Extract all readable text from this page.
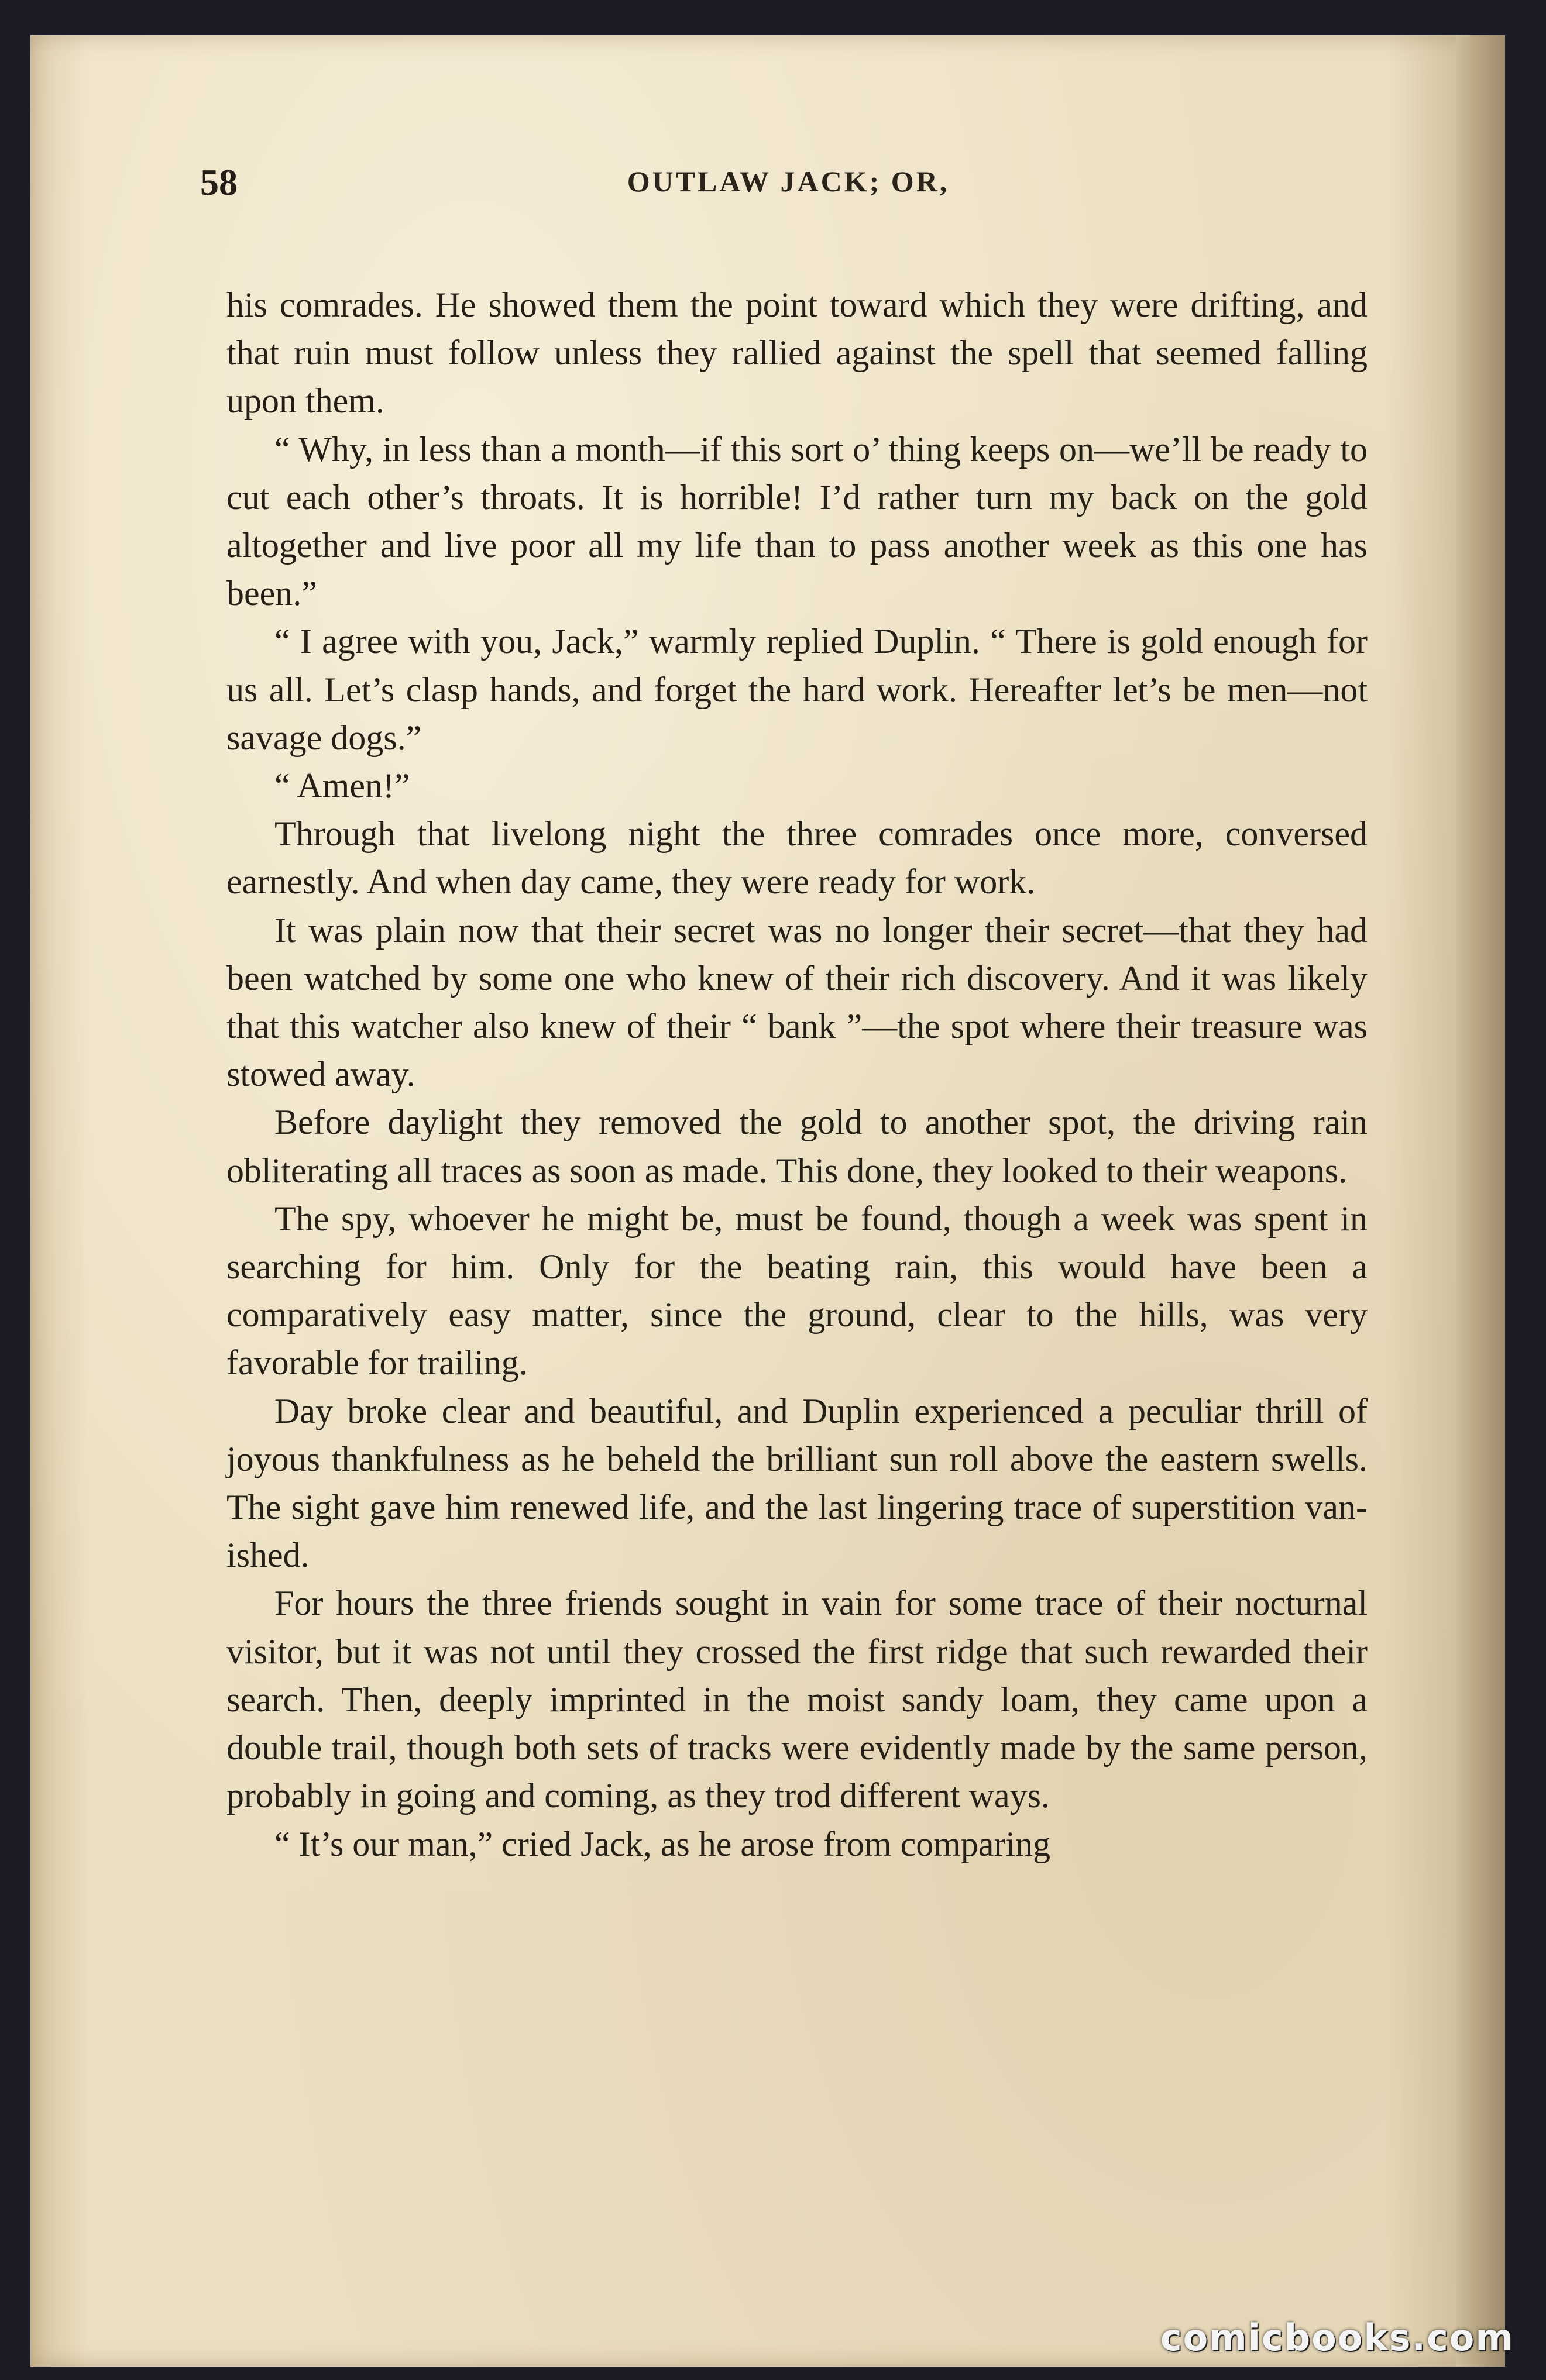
58	OUTLAW JACK; OR,

his comrades. He showed them the point toward which they were drifting, and that ruin must follow unless they rallied against the spell that seemed falling upon them.

“ Why, in less than a month—if this sort o’ thing keeps on—we’ll be ready to cut each other’s throats. It is horrible! I’d rather turn my back on the gold altogether and live poor all my life than to pass another week as this one has been.”

“ I agree with you, Jack,” warmly replied Duplin. “ There is gold enough for us all. Let’s clasp hands, and forget the hard work. Hereafter let’s be men—not savage dogs.”

“ Amen!”

Through that livelong night the three comrades once more, conversed earnestly. And when day came, they were ready for work.

It was plain now that their secret was no longer their secret—that they had been watched by some one who knew of their rich discovery. And it was likely that this watcher also knew of their “ bank ”—the spot where their treasure was stowed away.

Before daylight they removed the gold to another spot, the driving rain obliterating all traces as soon as made. This done, they looked to their weapons.

The spy, whoever he might be, must be found, though a week was spent in searching for him. Only for the beating rain, this would have been a comparatively easy matter, since the ground, clear to the hills, was very favorable for trailing.

Day broke clear and beautiful, and Duplin experienced a peculiar thrill of joyous thankfulness as he beheld the brilliant sun roll above the eastern swells. The sight gave him renewed life, and the last lingering trace of superstition vanished.

For hours the three friends sought in vain for some trace of their nocturnal visitor, but it was not until they crossed the first ridge that such rewarded their search. Then, deeply imprinted in the moist sandy loam, they came upon a double trail, though both sets of tracks were evidently made by the same person, probably in going and coming, as they trod different ways.

“ It’s our man,” cried Jack, as he arose from comparing

comicbooks.com
